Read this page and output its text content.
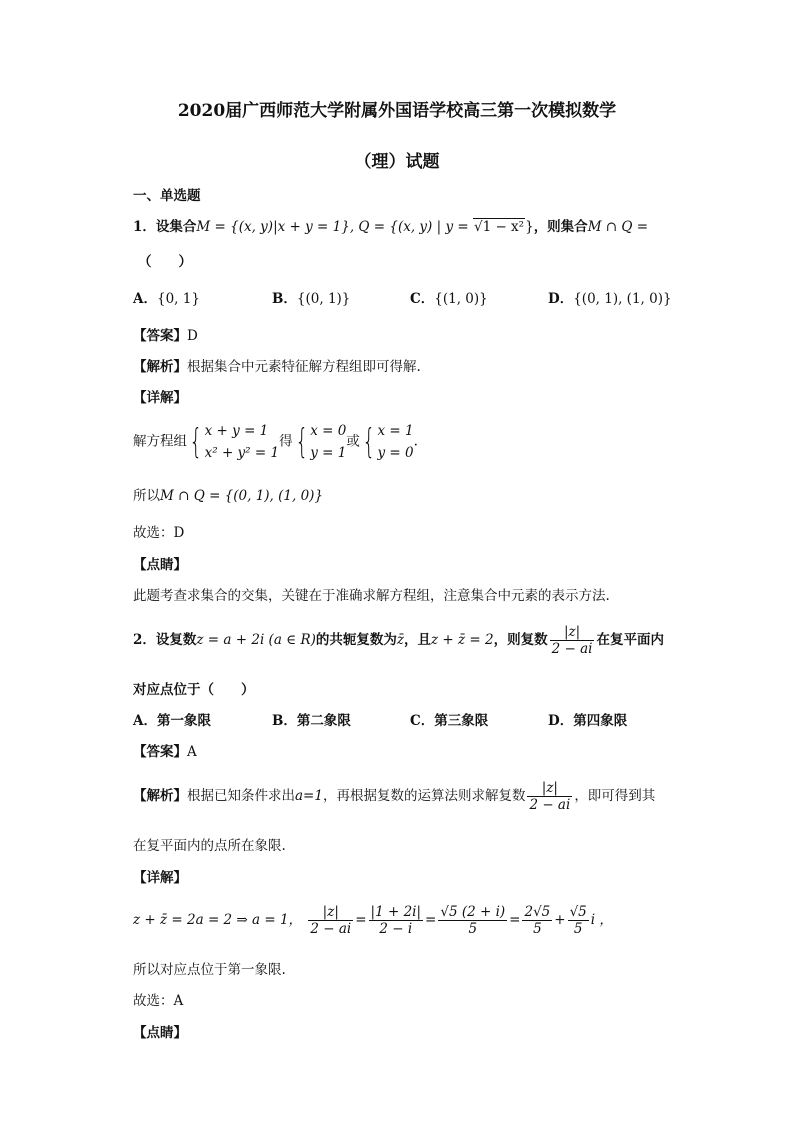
2020届广西师范大学附属外国语学校高三第一次模拟数学
（理）试题
一、单选题
1．设集合M = {(x, y)|x + y = 1}, Q = {(x, y) | y = √1 − x²}，则集合M ∩ Q =
（　　）
A．{0, 1}	B．{(0, 1)}	C．{(1, 0)}	D．{(0, 1), (1, 0)}
【答案】D
【解析】根据集合中元素特征解方程组即可得解.
【详解】
解方程组{ x + y = 1
x² + y² = 1
得{ x = 0
y = 1
或{ x = 1
y = 0
.
所以M ∩ Q = {(0, 1), (1, 0)}
故选：D
【点睛】
此题考查求集合的交集，关键在于准确求解方程组，注意集合中元素的表示方法.
2．设复数z = a + 2i (a ∈ R)的共轭复数为z̄，且z + z̄ = 2，则复数 $\frac{|z|}{2 - ai}$ 在复平面内
对应点位于（　　）
A．第一象限	B．第二象限	C．第三象限	D．第四象限
【答案】A
【解析】根据已知条件求出a=1，再根据复数的运算法则求解复数 $\frac{|z|}{2 - ai}$ ，即可得到其
在复平面内的点所在象限.
【详解】
z + z̄ = 2a = 2 ⇒ a = 1， $\frac{|z|}{2 - ai} = \frac{|1 + 2i|}{2 - i} = \frac{√5 (2 + i)}{5} = \frac{2√5}{5} + \frac{√5}{5}$ i ，
所以对应点位于第一象限.
故选：A
【点睛】
